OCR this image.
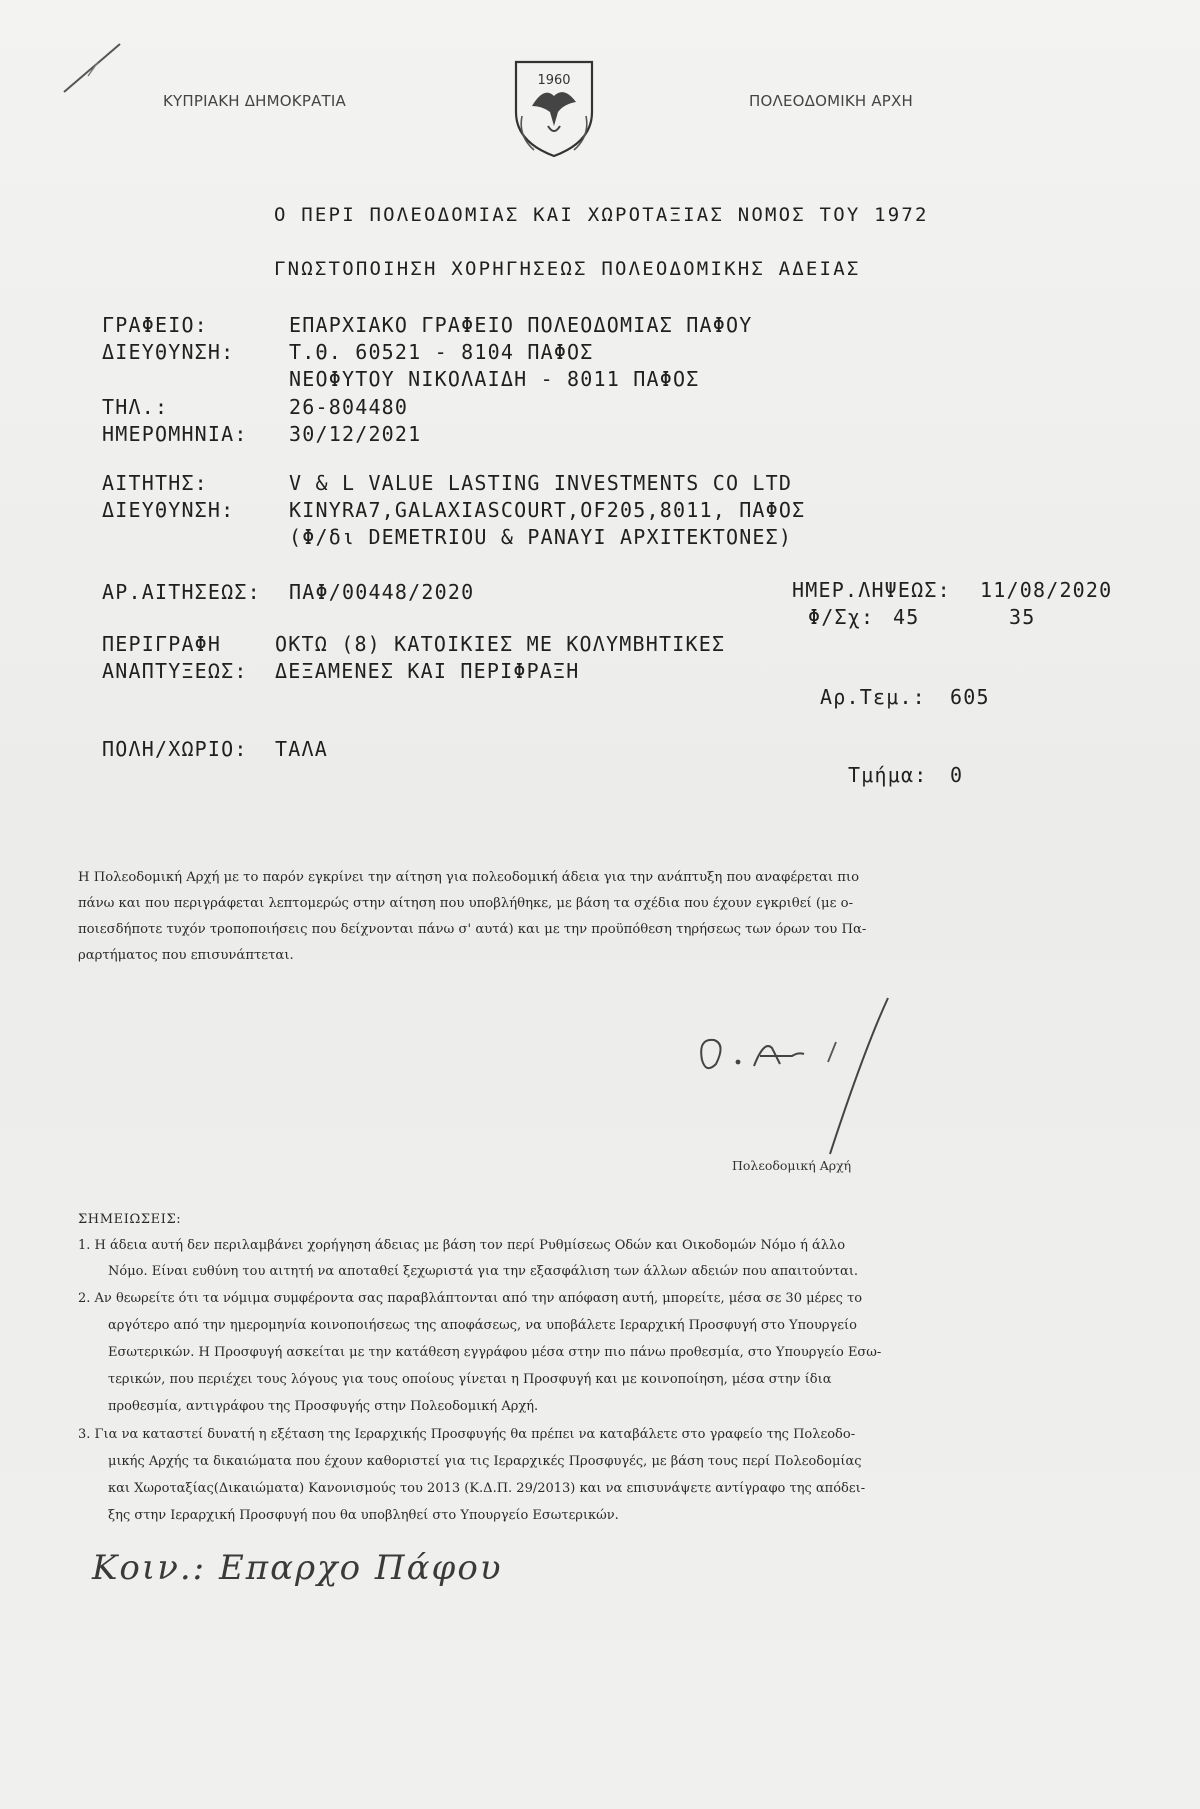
ΚΥΠΡΙΑΚΗ ΔΗΜΟΚΡΑΤΙΑ	ΠΟΛΕΟΔΟΜΙΚΗ ΑΡΧΗ
1960
Ο ΠΕΡΙ ΠΟΛΕΟΔΟΜΙΑΣ ΚΑΙ ΧΩΡΟΤΑΞΙΑΣ ΝΟΜΟΣ ΤΟΥ 1972
ΓΝΩΣΤΟΠΟΙΗΣΗ ΧΟΡΗΓΗΣΕΩΣ ΠΟΛΕΟΔΟΜΙΚΗΣ ΑΔΕΙΑΣ
ΓΡΑΦΕΙΟ:	ΕΠΑΡΧΙΑΚΟ ΓΡΑΦΕΙΟ ΠΟΛΕΟΔΟΜΙΑΣ ΠΑΦΟΥ
ΔΙΕΥΘΥΝΣΗ:	Τ.Θ. 60521 - 8104 ΠΑΦΟΣ
ΝΕΟΦΥΤΟΥ ΝΙΚΟΛΑΙΔΗ - 8011 ΠΑΦΟΣ
ΤΗΛ.:	26-804480
ΗΜΕΡΟΜΗΝΙΑ: 30/12/2021
ΑΙΤΗΤΗΣ:	V & L VALUE LASTING INVESTMENTS CO LTD
ΔΙΕΥΘΥΝΣΗ:	KINYRA7,GALAXIASCOURT,OF205,8011, ΠΑΦΟΣ
(Φ/δι DEMETRIOU & PANAYI ΑΡΧΙΤΕΚΤΟΝΕΣ)
ΑΡ.ΑΙΤΗΣΕΩΣ: ΠΑΦ/00448/2020	ΗΜΕΡ.ΛΗΨΕΩΣ: 11/08/2020
Φ/Σχ: 45	35
ΠΕΡΙΓΡΑΦΗ	ΟΚΤΩ (8) ΚΑΤΟΙΚΙΕΣ ΜΕ ΚΟΛΥΜΒΗΤΙΚΕΣ
ΑΝΑΠΤΥΞΕΩΣ: ΔΕΞΑΜΕΝΕΣ ΚΑΙ ΠΕΡΙΦΡΑΞΗ
Αρ.Τεμ.: 605
ΠΟΛΗ/ΧΩΡΙΟ: ΤΑΛΑ
Τμήμα: 0
Η Πολεοδομική Αρχή με το παρόν εγκρίνει την αίτηση για πολεοδομική άδεια για την ανάπτυξη που αναφέρεται πιο
πάνω και που περιγράφεται λεπτομερώς στην αίτηση που υποβλήθηκε, με βάση τα σχέδια που έχουν εγκριθεί (με ο-
ποιεσδήποτε τυχόν τροποποιήσεις που δείχνονται πάνω σ' αυτά) και με την προϋπόθεση τηρήσεως των όρων του Πα-
ραρτήματος που επισυνάπτεται.
Πολεοδομική Αρχή
ΣΗΜΕΙΩΣΕΙΣ:
1. Η άδεια αυτή δεν περιλαμβάνει χορήγηση άδειας με βάση τον περί Ρυθμίσεως Οδών και Οικοδομών Νόμο ή άλλο
Νόμο. Είναι ευθύνη του αιτητή να αποταθεί ξεχωριστά για την εξασφάλιση των άλλων αδειών που απαιτούνται.
2. Αν θεωρείτε ότι τα νόμιμα συμφέροντα σας παραβλάπτονται από την απόφαση αυτή, μπορείτε, μέσα σε 30 μέρες το
αργότερο από την ημερομηνία κοινοποιήσεως της αποφάσεως, να υποβάλετε Ιεραρχική Προσφυγή στο Υπουργείο
Εσωτερικών. Η Προσφυγή ασκείται με την κατάθεση εγγράφου μέσα στην πιο πάνω προθεσμία, στο Υπουργείο Εσω-
τερικών, που περιέχει τους λόγους για τους οποίους γίνεται η Προσφυγή και με κοινοποίηση, μέσα στην ίδια
προθεσμία, αντιγράφου της Προσφυγής στην Πολεοδομική Αρχή.
3. Για να καταστεί δυνατή η εξέταση της Ιεραρχικής Προσφυγής θα πρέπει να καταβάλετε στο γραφείο της Πολεοδο-
μικής Αρχής τα δικαιώματα που έχουν καθοριστεί για τις Ιεραρχικές Προσφυγές, με βάση τους περί Πολεοδομίας
και Χωροταξίας(Δικαιώματα) Κανονισμούς του 2013 (Κ.Δ.Π. 29/2013) και να επισυνάψετε αντίγραφο της απόδει-
ξης στην Ιεραρχική Προσφυγή που θα υποβληθεί στο Υπουργείο Εσωτερικών.
Κοιν.: Επαρχο Πάφου
